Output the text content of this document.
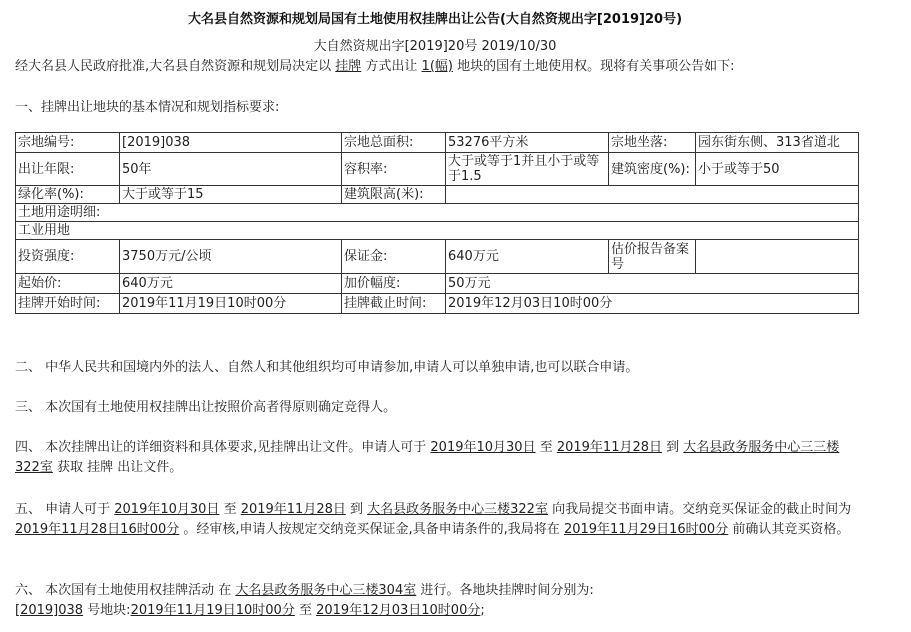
大名县自然资源和规划局国有土地使用权挂牌出让公告(大自然资规出字[2019]20号)
大自然资规出字[2019]20号 2019/10/30
经大名县人民政府批准,大名县自然资源和规划局决定以 挂牌 方式出让 1(幅) 地块的国有土地使用权。现将有关事项公告如下:
一、挂牌出让地块的基本情况和规划指标要求:
宗地编号:	[2019]038	宗地总面积:	53276平方米	宗地坐落:	园东街东侧、313省道北
出让年限:	50年	容积率:	大于或等于1并且小于或等于1.5	建筑密度(%):	小于或等于50
绿化率(%):	大于或等于15	建筑限高(米):			
土地用途明细:					
工业用地					
投资强度:	3750万元/公顷	保证金:	640万元	估价报告备案号	
起始价:	640万元	加价幅度:	50万元		
挂牌开始时间:	2019年11月19日10时00分	挂牌截止时间:	2019年12月03日10时00分		
二、 中华人民共和国境内外的法人、自然人和其他组织均可申请参加,申请人可以单独申请,也可以联合申请。
三、 本次国有土地使用权挂牌出让按照价高者得原则确定竞得人。
四、 本次挂牌出让的详细资料和具体要求,见挂牌出让文件。申请人可于 2019年10月30日 至 2019年11月28日 到 大名县政务服务中心三三楼322室 获取 挂牌 出让文件。
五、 申请人可于 2019年10月30日 至 2019年11月28日 到 大名县政务服务中心三楼322室 向我局提交书面申请。交纳竞买保证金的截止时间为2019年11月28日16时00分 。经审核,申请人按规定交纳竞买保证金,具备申请条件的,我局将在 2019年11月29日16时00分 前确认其竞买资格。
六、 本次国有土地使用权挂牌活动 在 大名县政务服务中心三楼304室 进行。各地块挂牌时间分别为:
[2019]038 号地块:2019年11月19日10时00分 至 2019年12月03日10时00分;
